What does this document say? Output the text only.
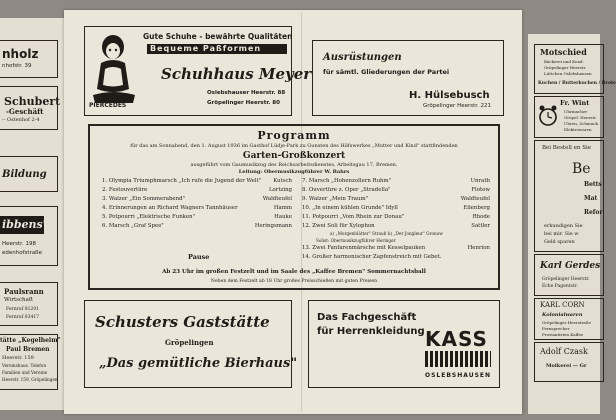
nholz
nhofstr. 39
Schubert
-Geschäft
-- Ostenhof 2-4
Bildung
ibbens'
Heerstr. 198
edenhofstraße
Paulsrann
Wirtschaft
Fernruf 81201
Fernruf 83417
tätte „Kegelheim"
Paul Bremen
Heerstr. 159
Vereinshaus. Telefon
Familien und Vereine
Heerstr. 159, Gröpelingen
PIERCEDES
Gute Schuhe - bewährte Qualitäten
Bequeme Paßformen
Schuhhaus Meyer
Oslebshauser Heerstr. 88
Gröpelinger Heerstr. 80
Ausrüstungen
für sämtl. Gliederungen der Partei
H. Hülsebusch
Gröpelinger Heerstr. 221
Programm
für das am Sonnabend, den 1. August 1936 im Gasthof Lüdje-Park zu Gunsten des Hilfswerkes „Mutter und Kind" stattfindenden
Garten-Großkonzert
ausgeführt vom Gaumusikzug des Reichsarbeitsdienstes, Arbeitsgau 17, Bremen.
Leitung: Obermusikzugführer W. Bahrs
1. Olympia Triumphmarsch „Ich rufe die Jugend der Welt" Kutsch
2. Festouvertüre	Lortzing
3. Walzer „Ein Sommerabend"	Waldteufel
4. Erinnerungen an Richard Wagners Tannhäuser	Hamm
5. Potpourri „Elektrische Funken"	Hauke
6. Marsch „Graf Spee"	Heringsmann
7. Marsch „Hohenzollern Ruhm"	Unrath
8. Ouvertüre z. Oper „Stradella"	Flotow
9. Walzer „Mein Traum"	Waldteufel
10. „In einem kühlen Grunde" Idyll	Eilenberg
11. Potpourri „Vom Rhein zur Donau"	Rhode
12. Zwei Soli für Xylophon	Sattler
a) „Morgenblätter" Strauß b) „Der Jongleur" Gronow
Solist: Obermusikzugführer Heringer
13. Zwei Fanfarenmärsche mit Kesselpauken	Henrion
14. Großer harmonischer Zapfenstreich mit Gebet.
Pause
Ab 23 Uhr im großen Festzelt und im Saale des „Kaffee Bremen" Sommernachtsball
Neben dem Festzelt ab 18 Uhr großes Preisschießen mit guten Preisen
Schusters Gaststätte
Gröpelingen
„Das gemütliche Bierhaus"
Das Fachgeschäft
für Herrenkleidung KASS
OSLEBSHAUSEN
Motschied
Bäckerei und Kond.
Gröpelinger Heerstr.
Lüttchen Oslebshausen
Kuchen / Butterkuchen / Brote
Fr. Wint
Uhrmacher
Gröpel. Heerstr.
Uhren, Schmuck
Elektrowaren
Bei Bestell en Sie
Be
Betts
Mat
Refor
erkundigen Sie
bei mir. Sie w
Geld sparen
Karl Gerdes
Gröpelinger Heerstr.
Eche Pagentstr.
KARL CORN
Kolonialwaren
Gröpelinger Heerstraße
Fernsprecher
Proviantisten Kaffee
Adolf Czask
Molkerei — Gr
